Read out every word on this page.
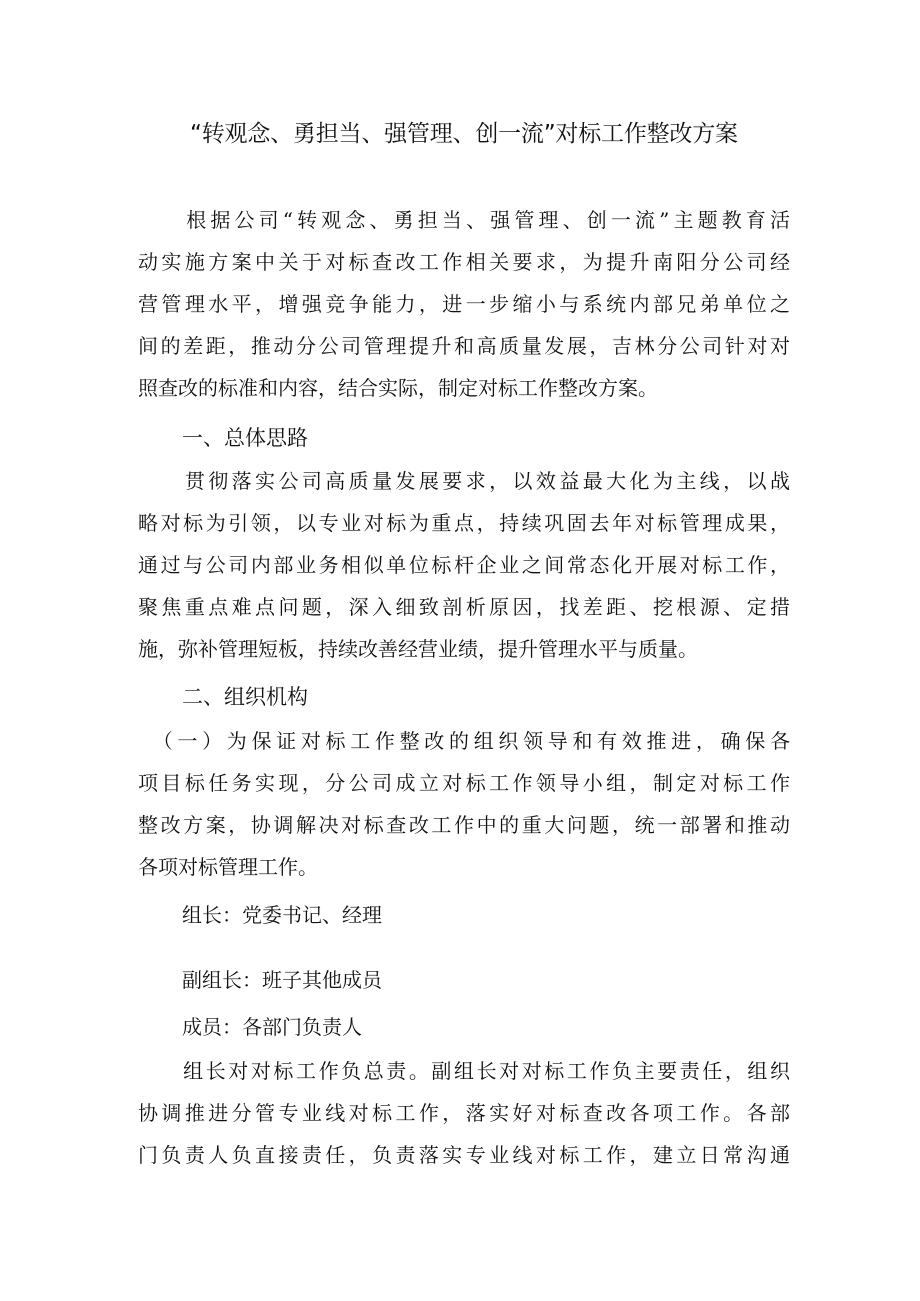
“转观念、勇担当、强管理、创一流”对标工作整改方案
　　根据公司“转观念、勇担当、强管理、创一流”主题教育活
动实施方案中关于对标查改工作相关要求，为提升南阳分公司经
营管理水平，增强竞争能力，进一步缩小与系统内部兄弟单位之
间的差距，推动分公司管理提升和高质量发展，吉林分公司针对对
照查改的标准和内容，结合实际，制定对标工作整改方案。
一、总体思路
　　贯彻落实公司高质量发展要求，以效益最大化为主线，以战
略对标为引领，以专业对标为重点，持续巩固去年对标管理成果，
通过与公司内部业务相似单位标杆企业之间常态化开展对标工作，
聚焦重点难点问题，深入细致剖析原因，找差距、挖根源、定措
施，弥补管理短板，持续改善经营业绩，提升管理水平与质量。
二、组织机构
　（一）为保证对标工作整改的组织领导和有效推进，确保各
项目标任务实现，分公司成立对标工作领导小组，制定对标工作
整改方案，协调解决对标查改工作中的重大问题，统一部署和推动
各项对标管理工作。
组长：党委书记、经理
副组长：班子其他成员
成员：各部门负责人
　　组长对对标工作负总责。副组长对对标工作负主要责任，组织
协调推进分管专业线对标工作，落实好对标查改各项工作。各部
门负责人负直接责任，负责落实专业线对标工作，建立日常沟通
